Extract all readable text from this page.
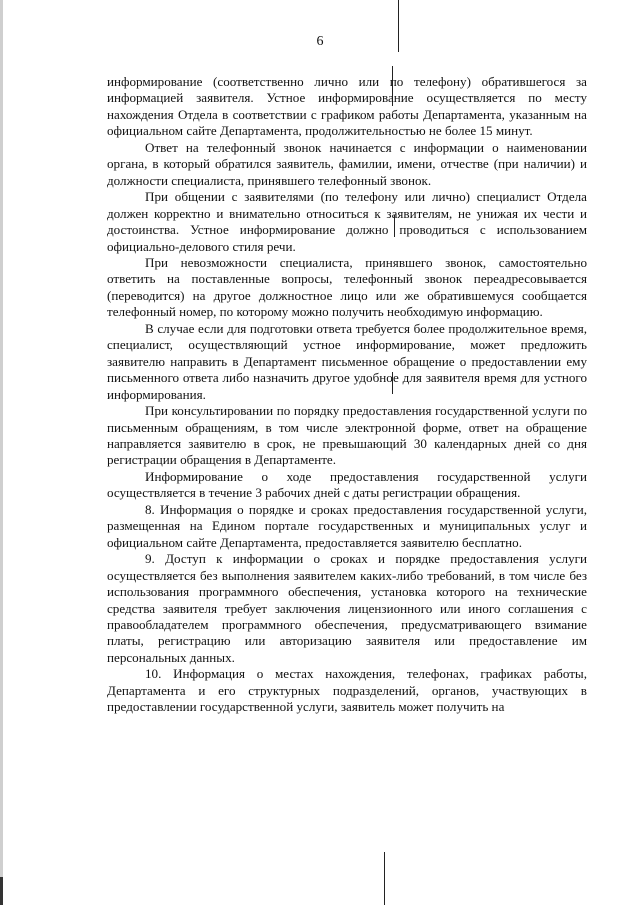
6

информирование (соответственно лично или по телефону) обратившегося за информацией заявителя. Устное информирование осуществляется по месту нахождения Отдела в соответствии с графиком работы Департамента, указанным на официальном сайте Департамента, продолжительностью не более 15 минут.

Ответ на телефонный звонок начинается с информации о наименовании органа, в который обратился заявитель, фамилии, имени, отчестве (при наличии) и должности специалиста, принявшего телефонный звонок.

При общении с заявителями (по телефону или лично) специалист Отдела должен корректно и внимательно относиться к заявителям, не унижая их чести и достоинства. Устное информирование должно проводиться с использованием официально-делового стиля речи.

При невозможности специалиста, принявшего звонок, самостоятельно ответить на поставленные вопросы, телефонный звонок переадресовывается (переводится) на другое должностное лицо или же обратившемуся сообщается телефонный номер, по которому можно получить необходимую информацию.

В случае если для подготовки ответа требуется более продолжительное время, специалист, осуществляющий устное информирование, может предложить заявителю направить в Департамент письменное обращение о предоставлении ему письменного ответа либо назначить другое удобное для заявителя время для устного информирования.

При консультировании по порядку предоставления государственной услуги по письменным обращениям, в том числе электронной форме, ответ на обращение направляется заявителю в срок, не превышающий 30 календарных дней со дня регистрации обращения в Департаменте.

Информирование о ходе предоставления государственной услуги осуществляется в течение 3 рабочих дней с даты регистрации обращения.

8. Информация о порядке и сроках предоставления государственной услуги, размещенная на Едином портале государственных и муниципальных услуг и официальном сайте Департамента, предоставляется заявителю бесплатно.

9. Доступ к информации о сроках и порядке предоставления услуги осуществляется без выполнения заявителем каких-либо требований, в том числе без использования программного обеспечения, установка которого на технические средства заявителя требует заключения лицензионного или иного соглашения с правообладателем программного обеспечения, предусматривающего взимание платы, регистрацию или авторизацию заявителя или предоставление им персональных данных.

10. Информация о местах нахождения, телефонах, графиках работы, Департамента и его структурных подразделений, органов, участвующих в предоставлении государственной услуги, заявитель может получить на
